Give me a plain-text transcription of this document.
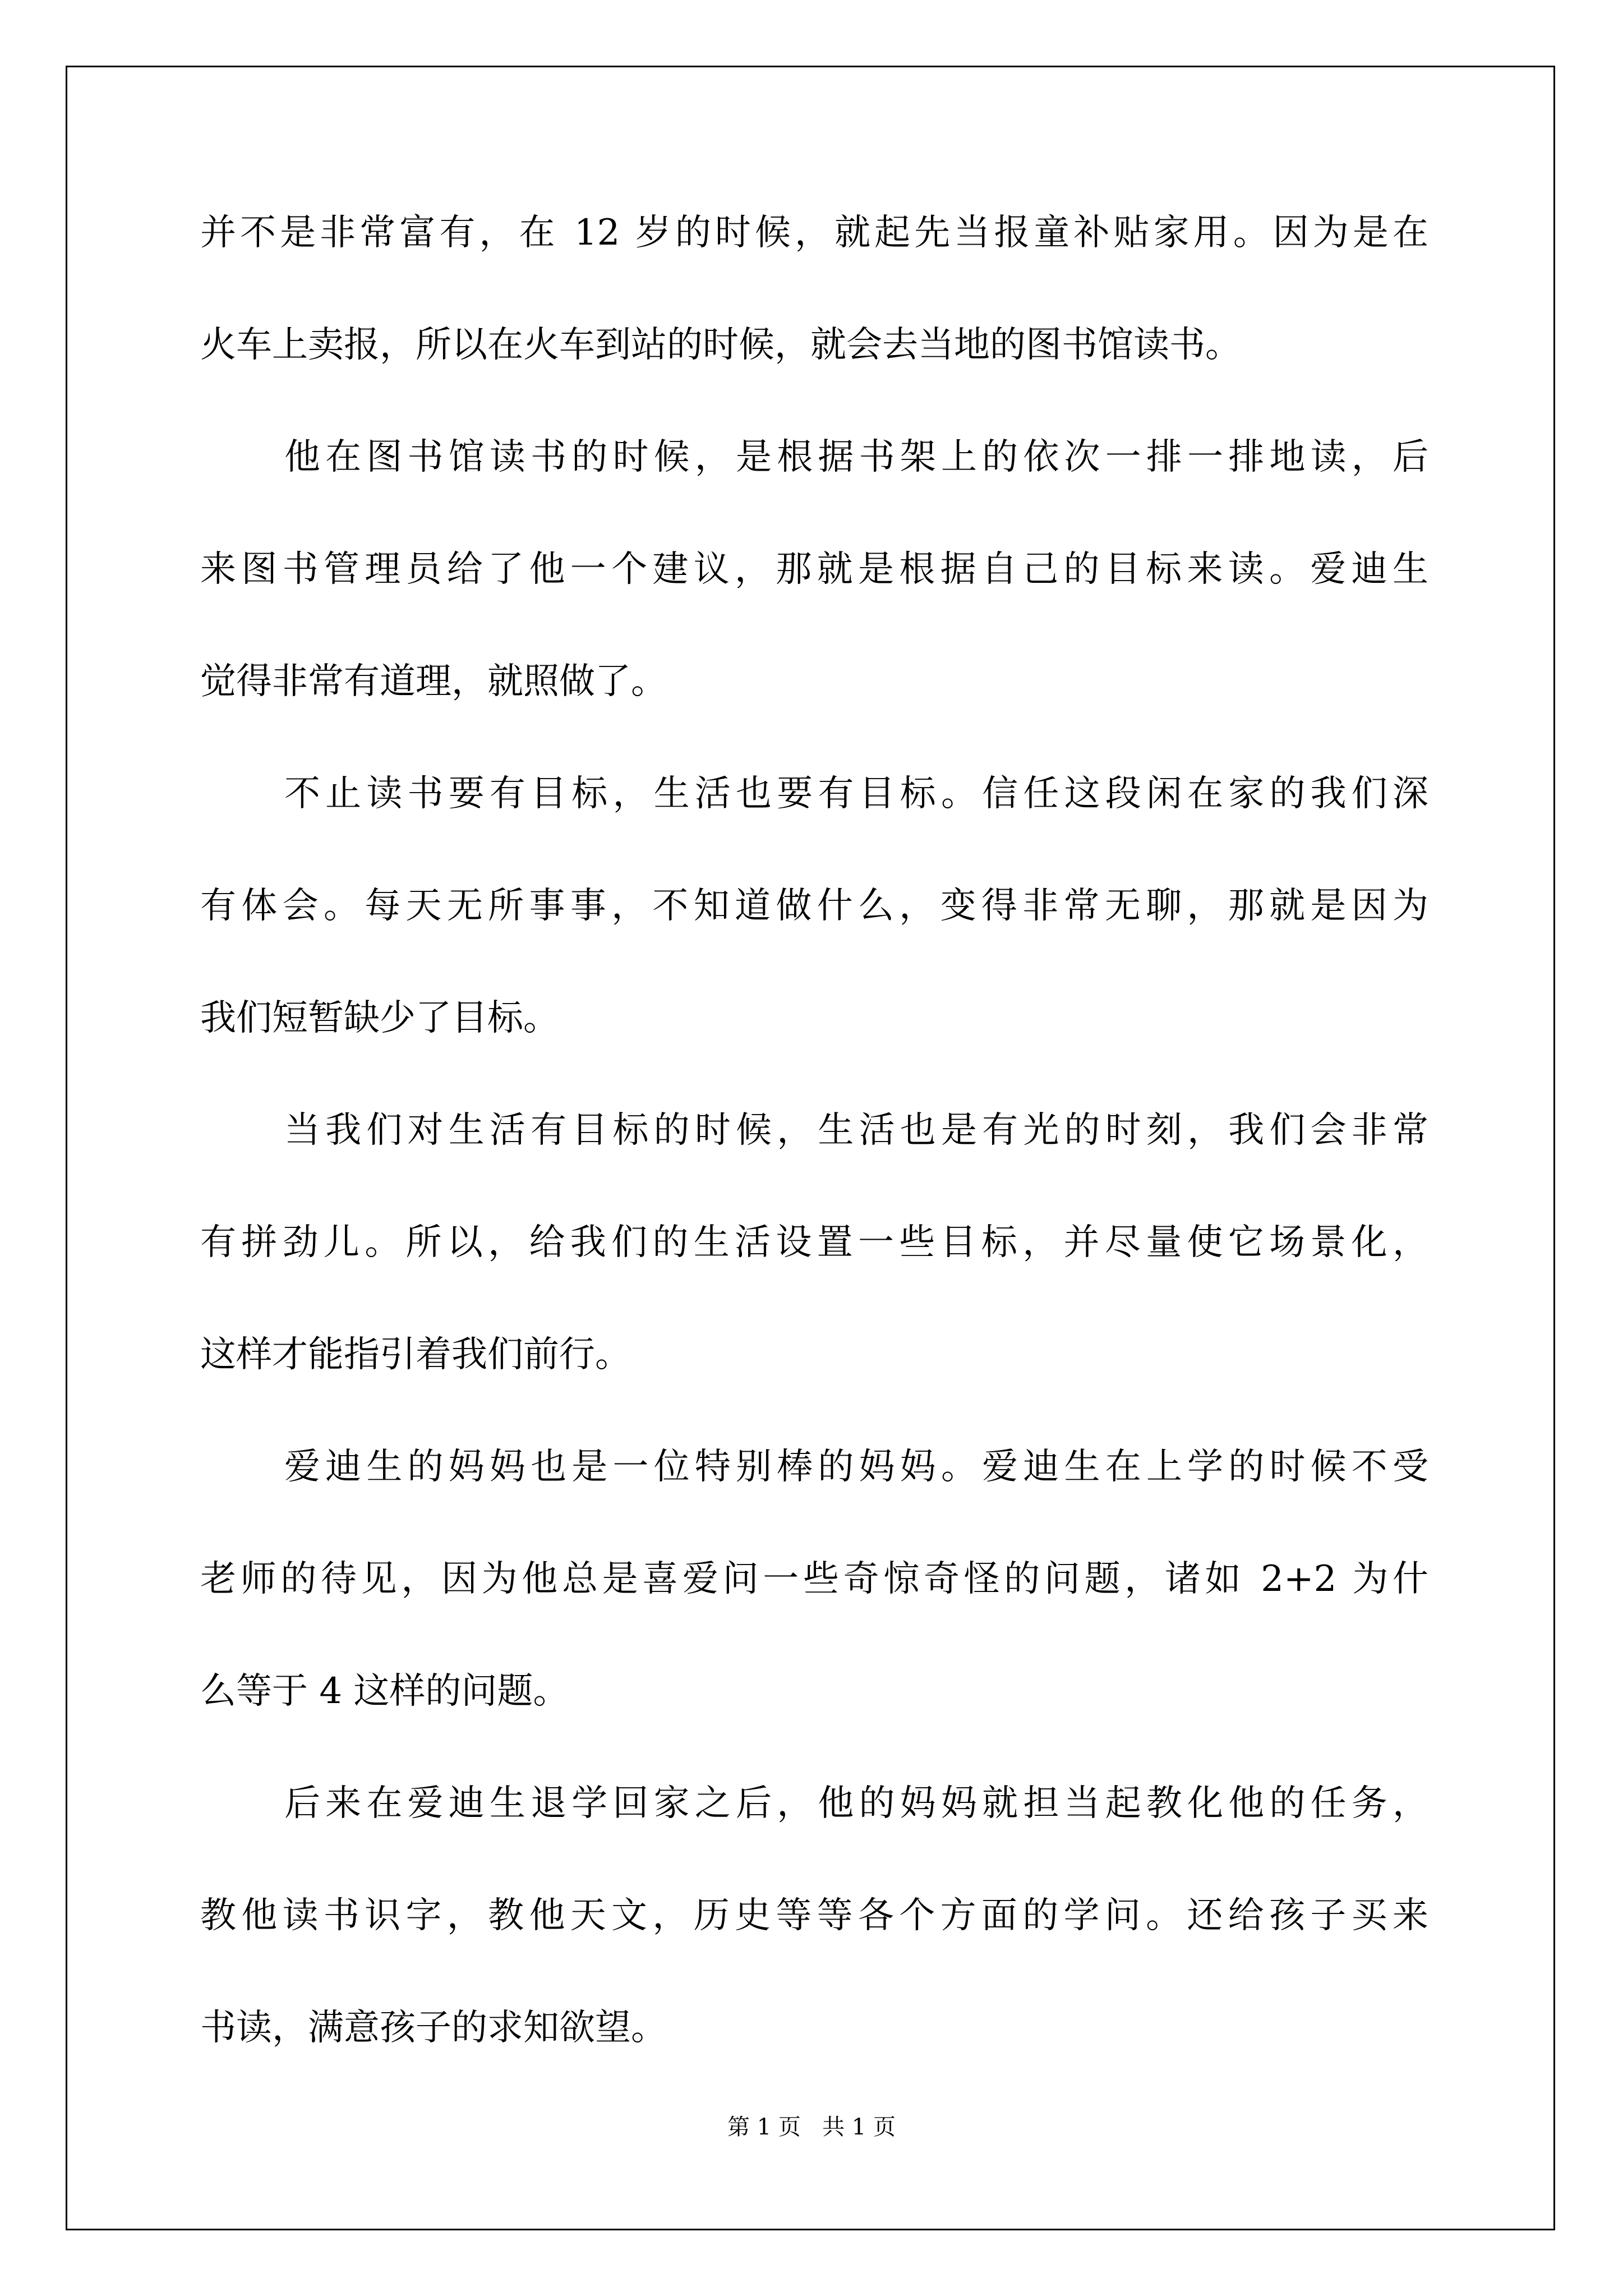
并不是非常富有，在 12 岁的时候，就起先当报童补贴家用。因为是在
火车上卖报，所以在火车到站的时候，就会去当地的图书馆读书。
他在图书馆读书的时候，是根据书架上的依次一排一排地读，后
来图书管理员给了他一个建议，那就是根据自己的目标来读。爱迪生
觉得非常有道理，就照做了。
不止读书要有目标，生活也要有目标。信任这段闲在家的我们深
有体会。每天无所事事，不知道做什么，变得非常无聊，那就是因为
我们短暂缺少了目标。
当我们对生活有目标的时候，生活也是有光的时刻，我们会非常
有拼劲儿。所以，给我们的生活设置一些目标，并尽量使它场景化，
这样才能指引着我们前行。
爱迪生的妈妈也是一位特别棒的妈妈。爱迪生在上学的时候不受
老师的待见，因为他总是喜爱问一些奇惊奇怪的问题，诸如 2+2 为什
么等于 4 这样的问题。
后来在爱迪生退学回家之后，他的妈妈就担当起教化他的任务，
教他读书识字，教他天文，历史等等各个方面的学问。还给孩子买来
书读，满意孩子的求知欲望。
第 1 页   共 1 页
